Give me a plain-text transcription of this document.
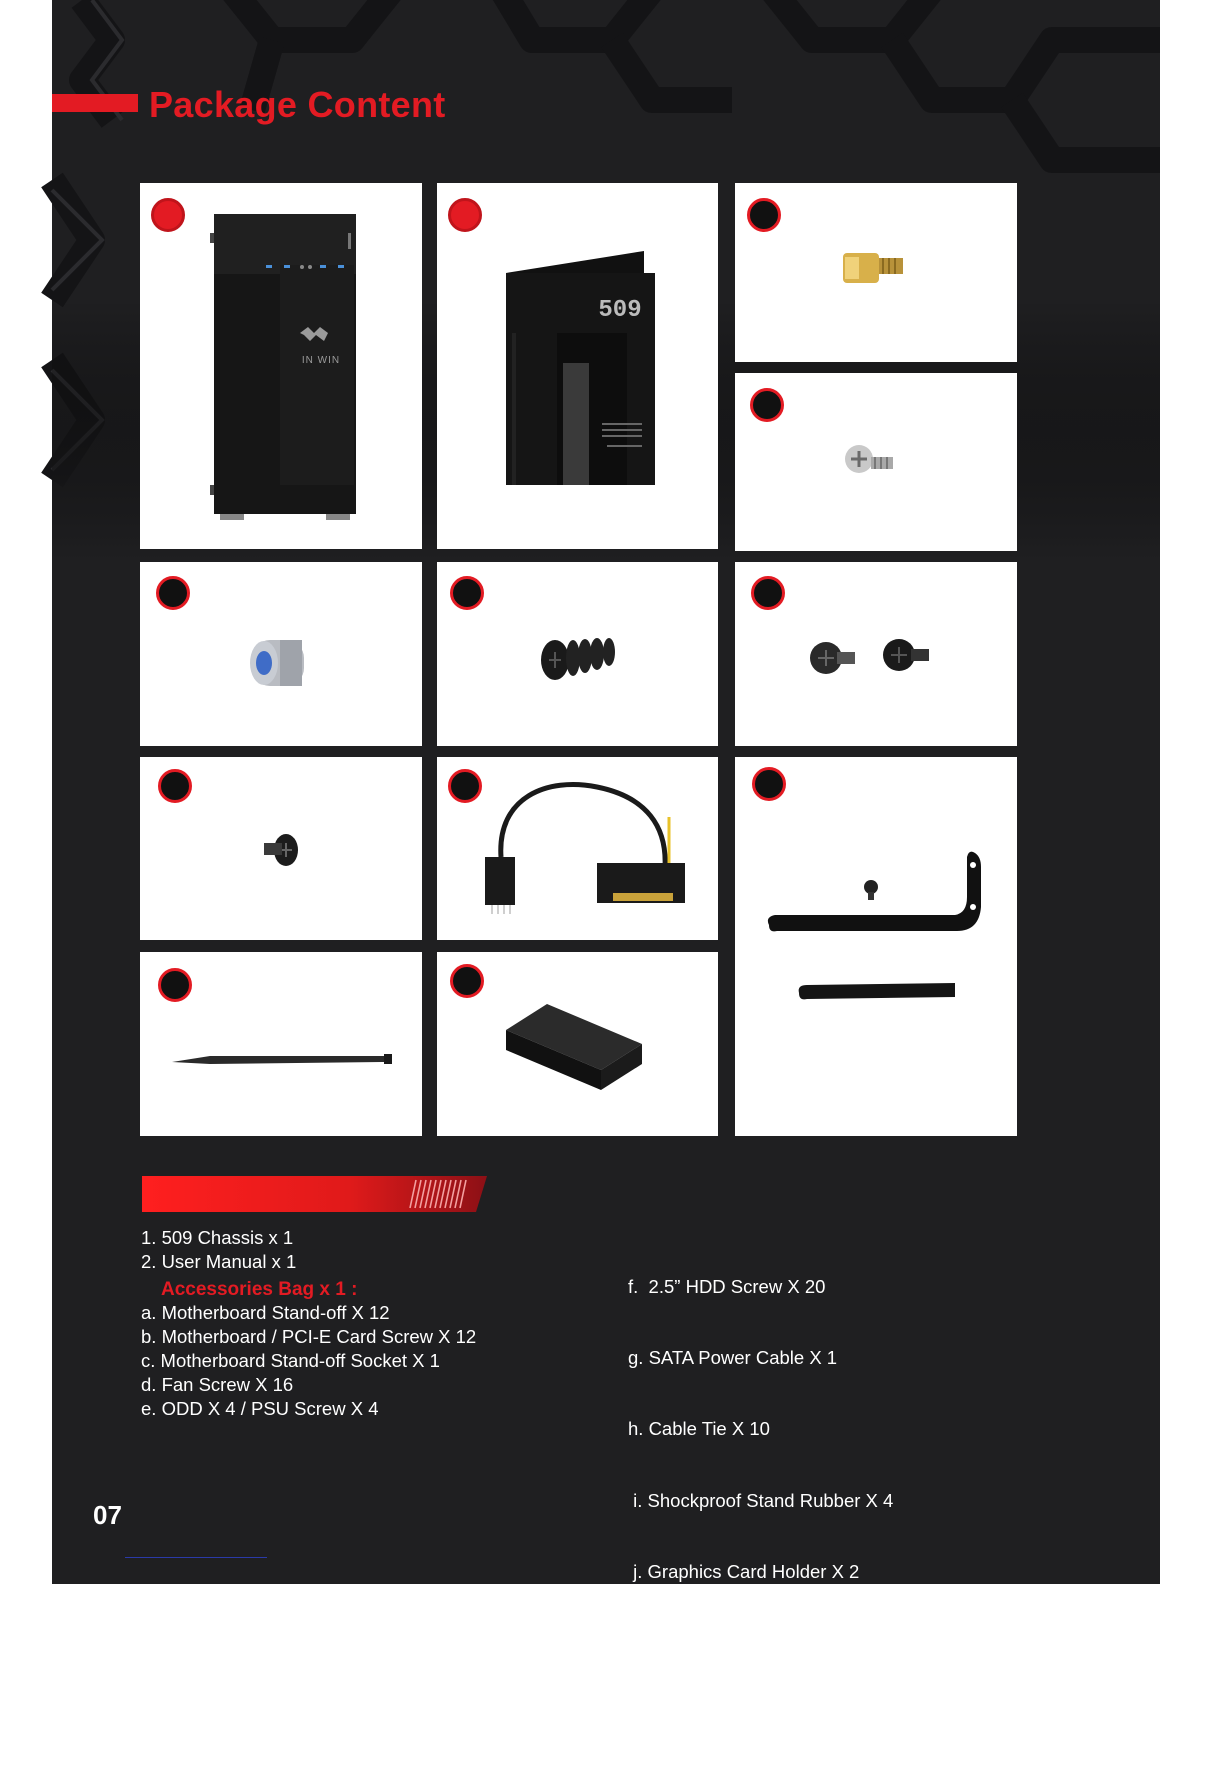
Package Content
IN WIN
509
1. 509 Chassis x 1
2. User Manual x 1
Accessories Bag x 1 :
a. Motherboard Stand-off X 12
b. Motherboard / PCI-E Card Screw X 12
c. Motherboard Stand-off Socket X 1
d. Fan Screw X 16
e. ODD X 4 / PSU Screw X 4

f.  2.5” HDD Screw X 20

g. SATA Power Cable X 1

h. Cable Tie X 10

i. Shockproof Stand Rubber X 4

j. Graphics Card Holder X 2

Graphics Card Holder Mylar x 2

Graphics Card Screw x 4

07
